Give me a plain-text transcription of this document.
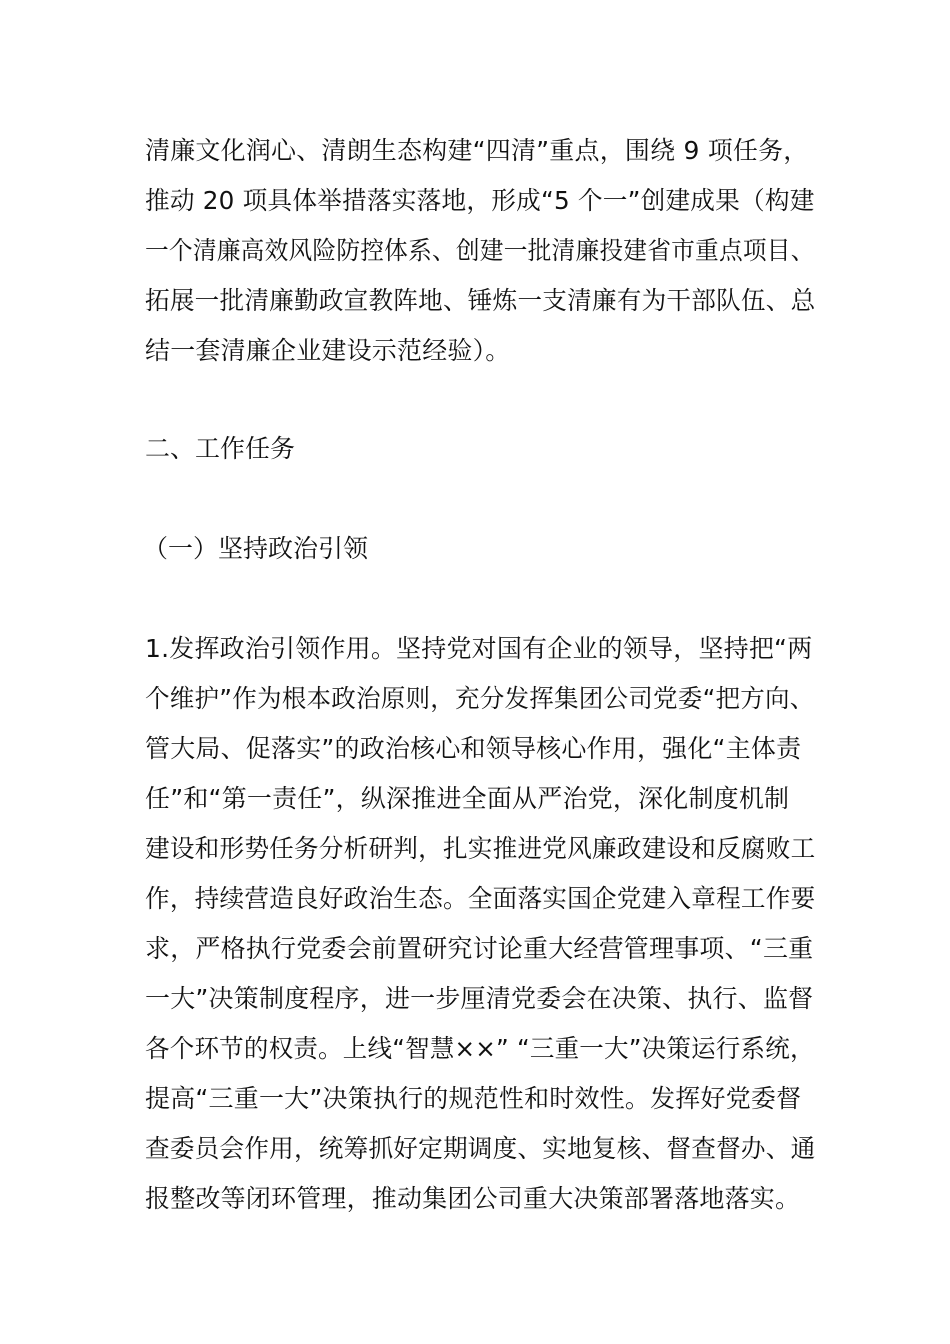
清廉文化润心、清朗生态构建“四清”重点，围绕 9 项任务，
推动 20 项具体举措落实落地，形成“5 个一”创建成果（构建
一个清廉高效风险防控体系、创建一批清廉投建省市重点项目、
拓展一批清廉勤政宣教阵地、锤炼一支清廉有为干部队伍、总
结一套清廉企业建设示范经验）。
二、工作任务
（一）坚持政治引领
1.发挥政治引领作用。坚持党对国有企业的领导，坚持把“两
个维护”作为根本政治原则，充分发挥集团公司党委“把方向、
管大局、促落实”的政治核心和领导核心作用，强化“主体责
任”和“第一责任”，纵深推进全面从严治党，深化制度机制
建设和形势任务分析研判，扎实推进党风廉政建设和反腐败工
作，持续营造良好政治生态。全面落实国企党建入章程工作要
求，严格执行党委会前置研究讨论重大经营管理事项、“三重
一大”决策制度程序，进一步厘清党委会在决策、执行、监督
各个环节的权责。上线“智慧××” “三重一大”决策运行系统，
提高“三重一大”决策执行的规范性和时效性。发挥好党委督
查委员会作用，统筹抓好定期调度、实地复核、督查督办、通
报整改等闭环管理，推动集团公司重大决策部署落地落实。
